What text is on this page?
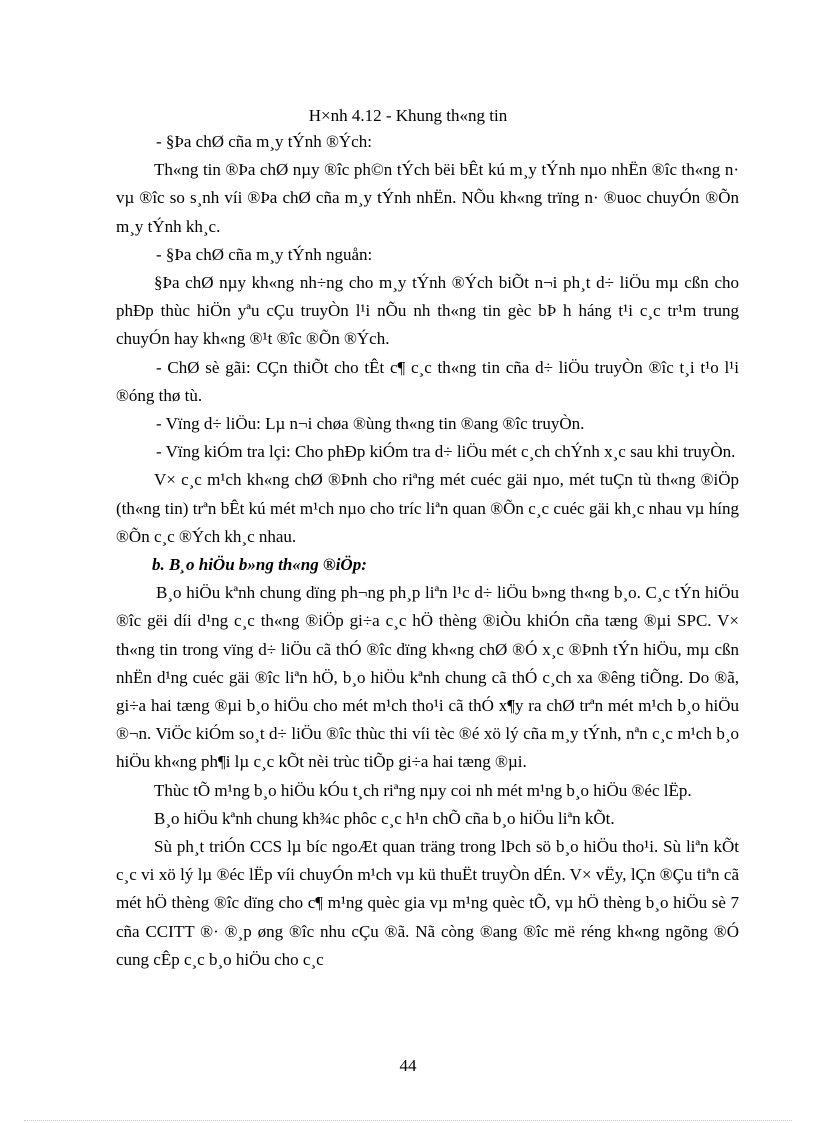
H×nh 4.12 - Khung th«ng tin

- §Þa chØ cña m¸y tÝnh ®Ých:

Th«ng tin ®Þa chØ nµy ®îc ph©n tÝch bëi bÊt kú m¸y tÝnh nµo nhËn ®îc th«ng n· vµ ®îc so s¸nh víi ®Þa chØ cña m¸y tÝnh nhËn. NÕu kh«ng trïng n· ®uoc chuyÓn ®Õn m¸y tÝnh kh¸c.

- §Þa chØ cña m¸y tÝnh nguån:

§Þa chØ nµy kh«ng nh÷ng cho m¸y tÝnh ®Ých biÕt n¬i ph¸t d÷ liÖu mµ cßn cho phÐp thùc hiÖn yªu cÇu truyÒn l¹i nÕu nh th«ng tin gèc bÞ h háng t¹i c¸c tr¹m trung chuyÓn hay kh«ng ®¹t ®îc ®Õn ®Ých.

- ChØ sè gãi: CÇn thiÕt cho tÊt c¶ c¸c th«ng tin cña d÷ liÖu truyÒn ®îc t¸i t¹o l¹i ®óng thø tù.

- Vïng d÷ liÖu: Lµ n¬i chøa ®ùng th«ng tin ®ang ®îc truyÒn.

- Vïng kiÓm tra lçi: Cho phÐp kiÓm tra d÷ liÖu mét c¸ch chÝnh x¸c sau khi truyÒn.

V× c¸c m¹ch kh«ng chØ ®Þnh cho riªng mét cuéc gäi nµo, mét tuÇn tù th«ng ®iÖp (th«ng tin) trªn bÊt kú mét m¹ch nµo cho tríc liªn quan ®Õn c¸c cuéc gäi kh¸c nhau vµ híng ®Õn c¸c ®Ých kh¸c nhau.

b. B¸o hiÖu b»ng th«ng ®iÖp:

B¸o hiÖu kªnh chung dïng ph¬ng ph¸p liªn l¹c d÷ liÖu b»ng th«ng b¸o. C¸c tÝn hiÖu ®îc gëi díi d¹ng c¸c th«ng ®iÖp gi÷a c¸c hÖ thèng ®iÒu khiÓn cña tæng ®µi SPC. V× th«ng tin trong vïng d÷ liÖu cã thÓ ®îc dïng kh«ng chØ ®Ó x¸c ®Þnh tÝn hiÖu, mµ cßn nhËn d¹ng cuéc gäi ®îc liªn hÖ, b¸o hiÖu kªnh chung cã thÓ c¸ch xa ®êng tiÕng. Do ®ã, gi÷a hai tæng ®µi b¸o hiÖu cho mét m¹ch tho¹i cã thÓ x¶y ra chØ trªn mét m¹ch b¸o hiÖu ®¬n. ViÖc kiÓm so¸t d÷ liÖu ®îc thùc thi víi tèc ®é xö lý cña m¸y tÝnh, nªn c¸c m¹ch b¸o hiÖu kh«ng ph¶i lµ c¸c kÕt nèi trùc tiÕp gi÷a hai tæng ®µi.

Thùc tÕ m¹ng b¸o hiÖu kÓu t¸ch riªng nµy coi nh mét m¹ng b¸o hiÖu ®éc lËp.

B¸o hiÖu kªnh chung kh¾c phôc c¸c h¹n chÕ cña b¸o hiÖu liªn kÕt.

Sù ph¸t triÓn CCS lµ bíc ngoÆt quan träng trong lÞch sö b¸o hiÖu tho¹i. Sù liªn kÕt c¸c vi xö lý lµ ®éc lËp víi chuyÓn m¹ch vµ kü thuËt truyÒn dÉn. V× vËy, lÇn ®Çu tiªn cã mét hÖ thèng ®îc dïng cho c¶ m¹ng quèc gia vµ m¹ng quèc tÕ, vµ hÖ thèng b¸o hiÖu sè 7 cña CCITT ®· ®¸p øng ®îc nhu cÇu ®ã. Nã còng ®ang ®îc më réng kh«ng ngõng ®Ó cung cÊp c¸c b¸o hiÖu cho c¸c

44
